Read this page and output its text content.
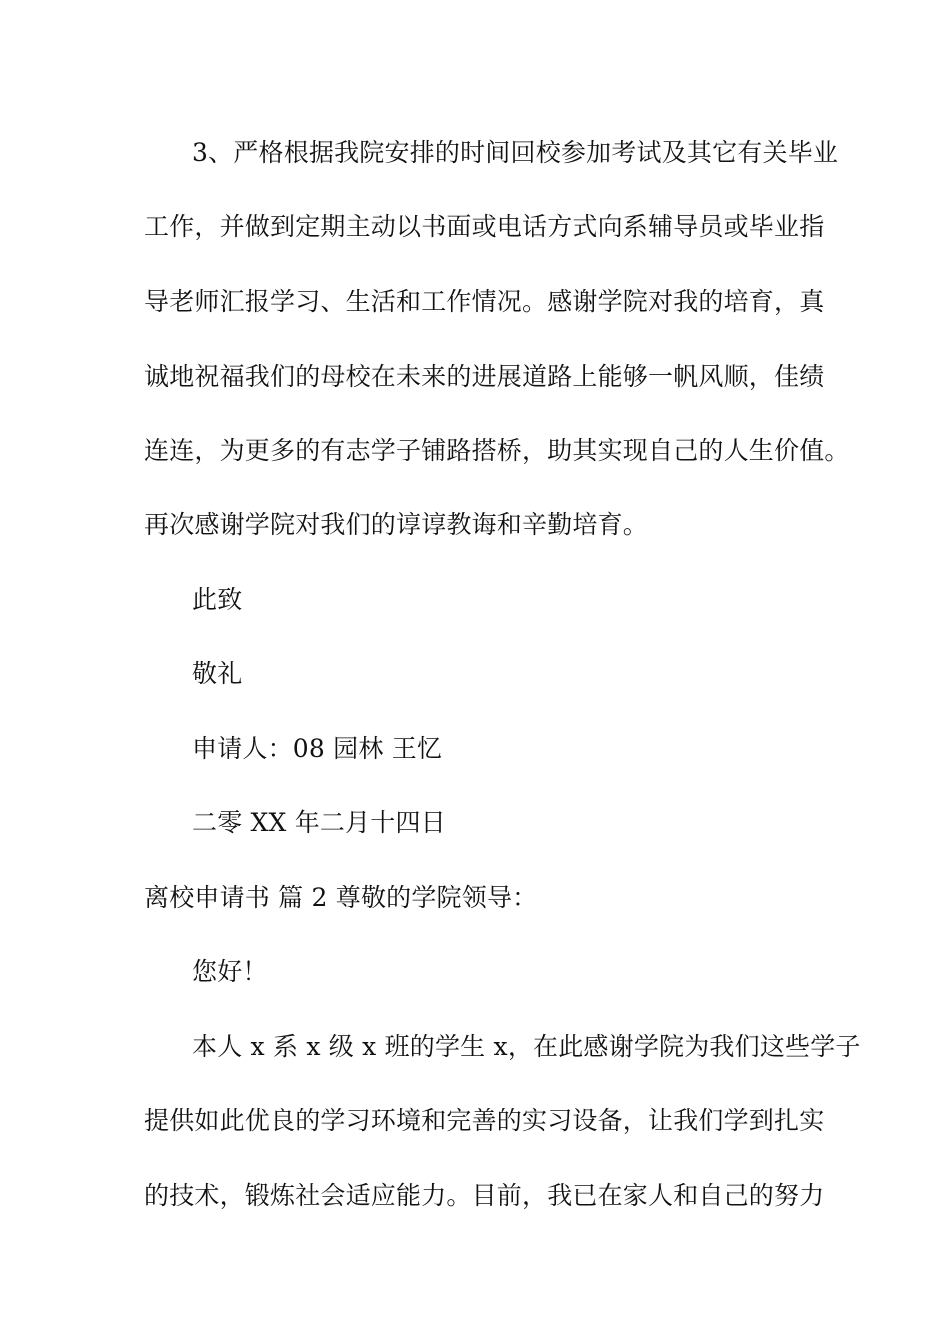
3、严格根据我院安排的时间回校参加考试及其它有关毕业
工作，并做到定期主动以书面或电话方式向系辅导员或毕业指
导老师汇报学习、生活和工作情况。感谢学院对我的培育，真
诚地祝福我们的母校在未来的进展道路上能够一帆风顺，佳绩
连连，为更多的有志学子铺路搭桥，助其实现自己的人生价值。
再次感谢学院对我们的谆谆教诲和辛勤培育。
此致
敬礼
申请人：08 园林 王忆
二零 XX 年二月十四日
离校申请书 篇 2 尊敬的学院领导：
您好！
本人 x 系 x 级 x 班的学生 x，在此感谢学院为我们这些学子
提供如此优良的学习环境和完善的实习设备，让我们学到扎实
的技术，锻炼社会适应能力。目前，我已在家人和自己的努力
